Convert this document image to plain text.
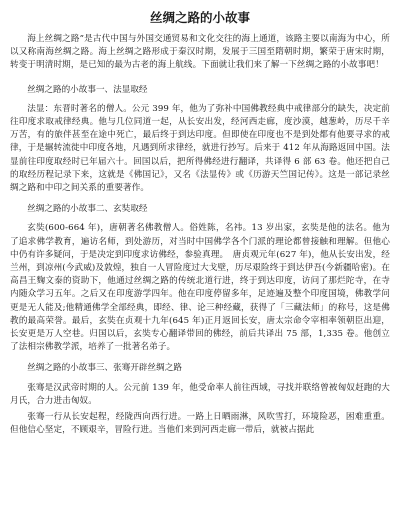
丝绸之路的小故事

海上丝绸之路”是古代中国与外国交通贸易和文化交往的海上通道，该路主要以南海为中心，所以又称南海丝绸之路。海上丝绸之路形成于秦汉时期，发展于三国至隋朝时期，繁荣于唐宋时期，转变于明清时期，是已知的最为古老的海上航线。下面就让我们来了解一下丝绸之路的小故事吧！

丝绸之路的小故事一、法显取经

法显：东晋时著名的僧人。公元 399 年，他为了弥补中国佛教经典中戒律部分的缺失，决定前往印度求取戒律经典。他与几位同道一起，从长安出发，经河西走廊，度沙漠，越葱岭，历尽千辛万苦，有的旅伴甚至在途中死亡，最后终于到达印度。但即使在印度也不是到处都有他要寻求的戒律，于是辗转流徙中印度各地，凡遇到所求律经，就进行抄写。后来于 412 年从海路返回中国。法显前往印度取经时已年届六十。回国以后，把所得佛经进行翻译，共译得 6 部 63 卷。他还把自己的取经历程记录下来，这就是《佛国记》，又名《法显传》或《历游天竺国记传》。这是一部记录丝绸之路和中印之间关系的重要著作。

丝绸之路的小故事二、玄奘取经

玄奘(600-664 年)，唐朝著名佛教僧人。俗姓陈，名袆。13 岁出家，玄奘是他的法名。他为了追求佛学教育，遍访名师，到处游历，对当时中国佛学各个门派的理论都曾接触和理解。但他心中仍有许多疑问，于是决定到印度求访佛经，参验真理。　唐贞观元年(627 年)，他从长安出发，经兰州，到凉州(今武威)及敦煌，独自一人冒险度过大戈壁，历尽艰险终于到达伊吾(今新疆哈密)。在高昌王麴文泰的资助下，他通过丝绸之路的传统北道行进，终于到达印度，访问了那烂陀寺，在寺内随众学习五年。之后又在印度游学四年。他在印度停留多年，足迹遍及整个印度国境，佛教学问更是无人能及;他精通佛学全部经典，即经、律、论三种经藏，获得了「三藏法师」的称号，这是佛教的最高荣誉。最后，玄奘在贞观十九年(645 年)正月返回长安，唐太宗命令宰相率领朝臣出迎，长安更是万人空巷。归国以后，玄奘专心翻译带回的佛经，前后共译出 75 部，1,335 卷。他创立了法相宗佛教学派，培养了一批著名弟子。

丝绸之路的小故事三、张骞开辟丝绸之路

张骞是汉武帝时期的人。公元前 139 年，他受命率人前往西域，寻找并联络曾被匈奴赶跑的大月氏，合力进击匈奴。

张骞一行从长安起程，经陇西向西行进。一路上日晒雨淋，风吹雪打，环境险恶，困难重重。但他信心坚定，不顾艰辛，冒险行进。当他们来到河西走廊一带后，就被占据此
